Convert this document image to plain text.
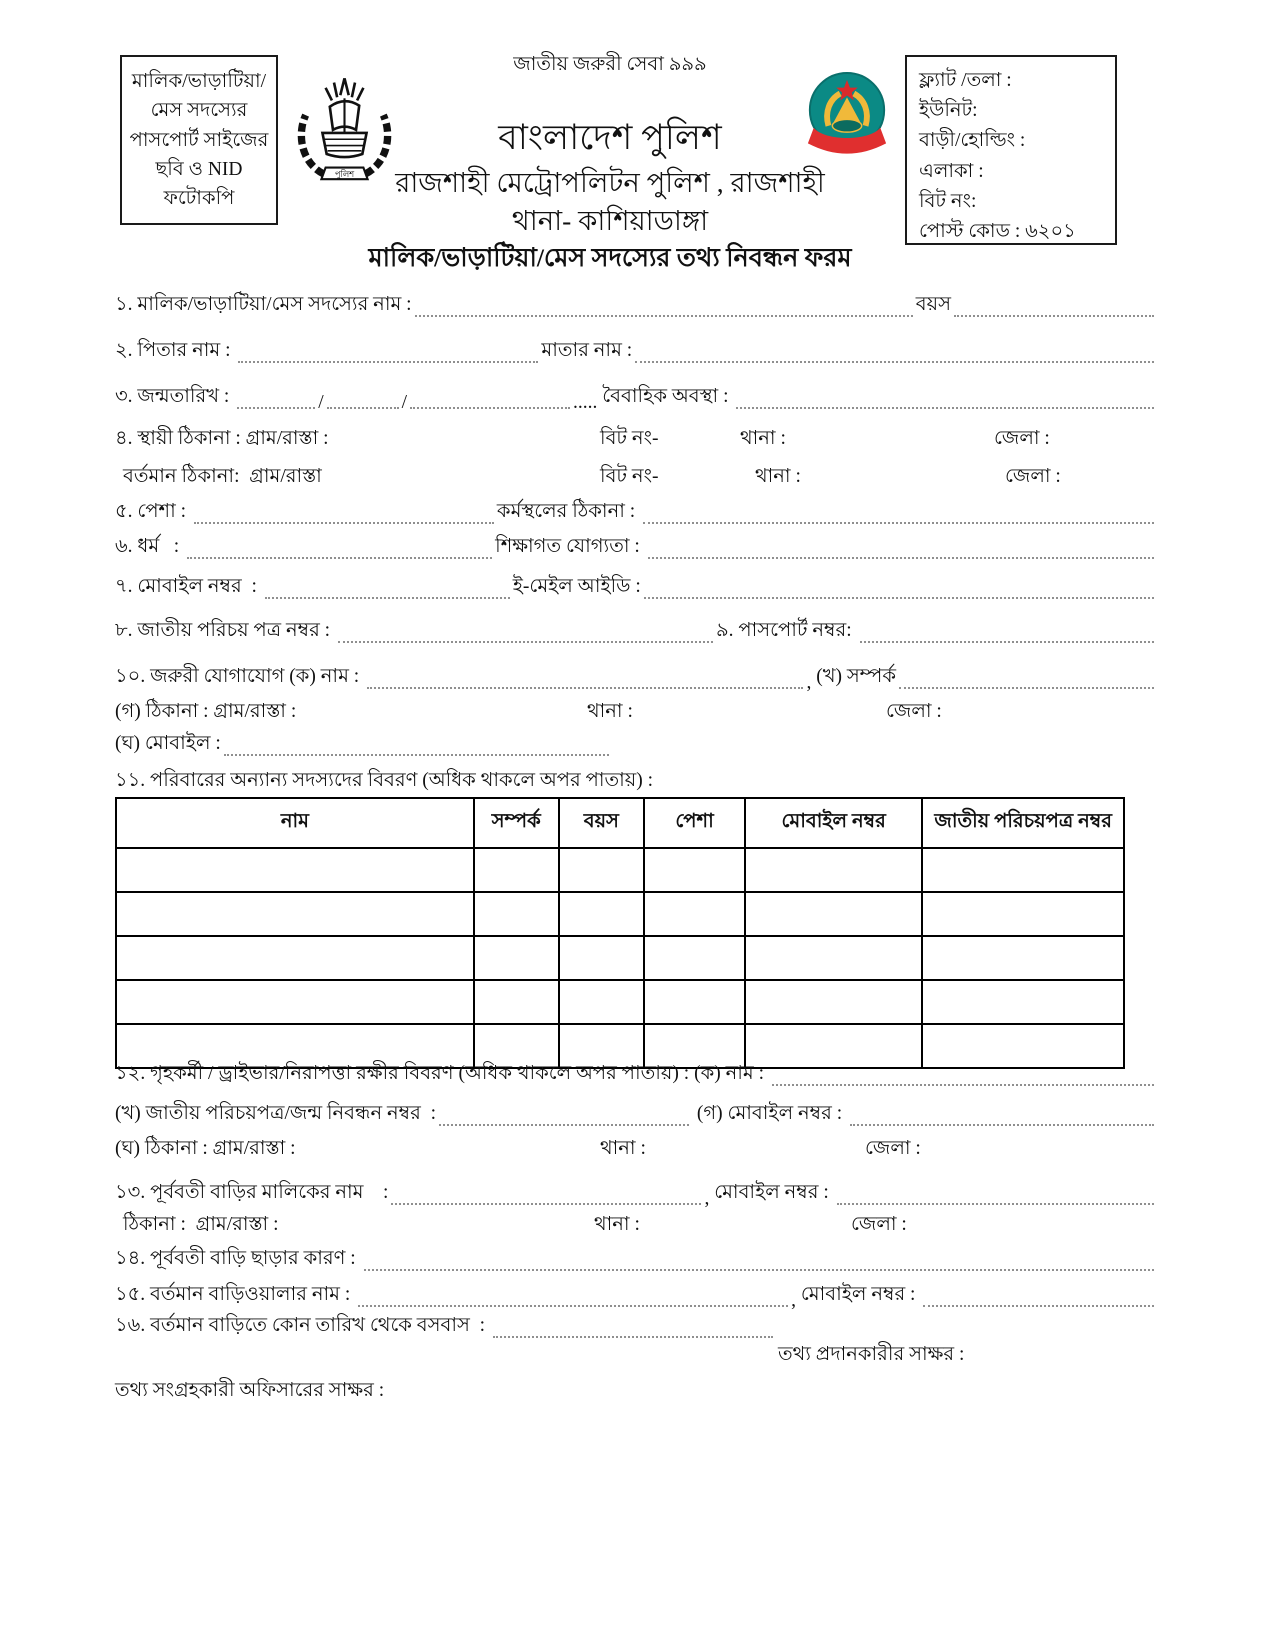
মালিক/ভাড়াটিয়া/
মেস সদস্যের
পাসপোর্ট সাইজের
ছবি ও NID
ফটোকপি
পুলিশ
জাতীয় জরুরী সেবা ৯৯৯
বাংলাদেশ পুলিশ
রাজশাহী মেট্রোপলিটন পুলিশ , রাজশাহী
থানা- কাশিয়াডাঙ্গা
মালিক/ভাড়াটিয়া/মেস সদস্যের তথ্য নিবন্ধন ফরম
ফ্ল্যাট /তলা :
ইউনিট:
বাড়ী/হোল্ডিং :
এলাকা :
বিট নং:
পোস্ট কোড : ৬২০১
১. মালিক/ভাড়াটিয়া/মেস সদস্যের নাম :	বয়স
২. পিতার নাম :	মাতার নাম :
৩. জন্মতারিখ :	/	/	..... বৈবাহিক অবস্থা :
৪. স্থায়ী ঠিকানা : গ্রাম/রাস্তা :	বিট নং-	থানা :	জেলা :
বর্তমান ঠিকানা:  গ্রাম/রাস্তা	বিট নং-	থানা :	জেলা :
৫. পেশা :	কর্মস্থলের ঠিকানা :
৬. ধর্ম   :	শিক্ষাগত যোগ্যতা :
৭. মোবাইল নম্বর  :	ই-মেইল আইডি :
৮. জাতীয় পরিচয় পত্র নম্বর :	৯. পাসপোর্ট নম্বর:
১০. জরুরী যোগাযোগ (ক) নাম :	, (খ) সম্পর্ক
(গ) ঠিকানা : গ্রাম/রাস্তা :	থানা :	জেলা :
(ঘ) মোবাইল :
১১. পরিবারের অন্যান্য সদস্যদের বিবরণ (অধিক থাকলে অপর পাতায়) :
নাম	সম্পর্ক	বয়স	পেশা	মোবাইল নম্বর	জাতীয় পরিচয়পত্র নম্বর

১২. গৃহকর্মী / ড্রাইভার/নিরাপত্তা রক্ষীর বিবরণ (অধিক থাকলে অপর পাতায়) : (ক) নাম :
(খ) জাতীয় পরিচয়পত্র/জন্ম নিবন্ধন নম্বর  :	(গ) মোবাইল নম্বর :
(ঘ) ঠিকানা : গ্রাম/রাস্তা :	থানা :	জেলা :
১৩. পূর্ববতী বাড়ির মালিকের নাম    :	, মোবাইল নম্বর :
ঠিকানা :  গ্রাম/রাস্তা :	থানা :	জেলা :
১৪. পূর্ববতী বাড়ি ছাড়ার কারণ :
১৫. বর্তমান বাড়িওয়ালার নাম :	, মোবাইল নম্বর :
১৬. বর্তমান বাড়িতে কোন তারিখ থেকে বসবাস  :
তথ্য প্রদানকারীর সাক্ষর :
তথ্য সংগ্রহকারী অফিসারের সাক্ষর :
